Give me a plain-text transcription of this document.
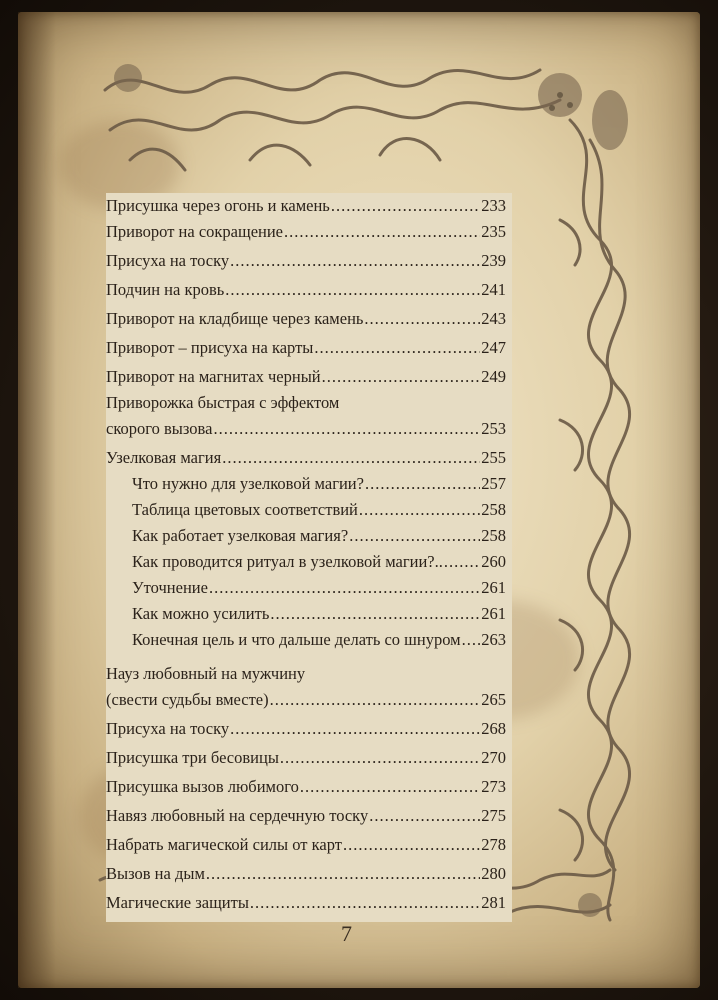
Присушка через огонь и камень .....	233
Приворот на сокращение .....	235
Присуха на тоску .....	239
Подчин на кровь .....	241
Приворот на кладбище через камень .....	243
Приворот – присуха на карты .....	247
Приворот на магнитах черный .....	249
Приворожка быстрая с эффектом
скорого вызова .....	253
Узелковая магия .....	255
Что нужно для узелковой магии? .....	257
Таблица цветовых соответствий .....	258
Как работает узелковая магия? .....	258
Как проводится ритуал в узелковой магии?.. ..... 260
Уточнение .....	261
Как можно усилить .....	261
Конечная цель и что дальше делать со шнуром ..... 263
Науз любовный на мужчину
(свести судьбы вместе) .....	265
Присуха на тоску .....	268
Присушка три бесовицы .....	270
Присушка вызов любимого .....	273
Навяз любовный на сердечную тоску .....	275
Набрать магической силы от карт .....	278
Вызов на дым .....	280
Магические защиты .....	281
7
